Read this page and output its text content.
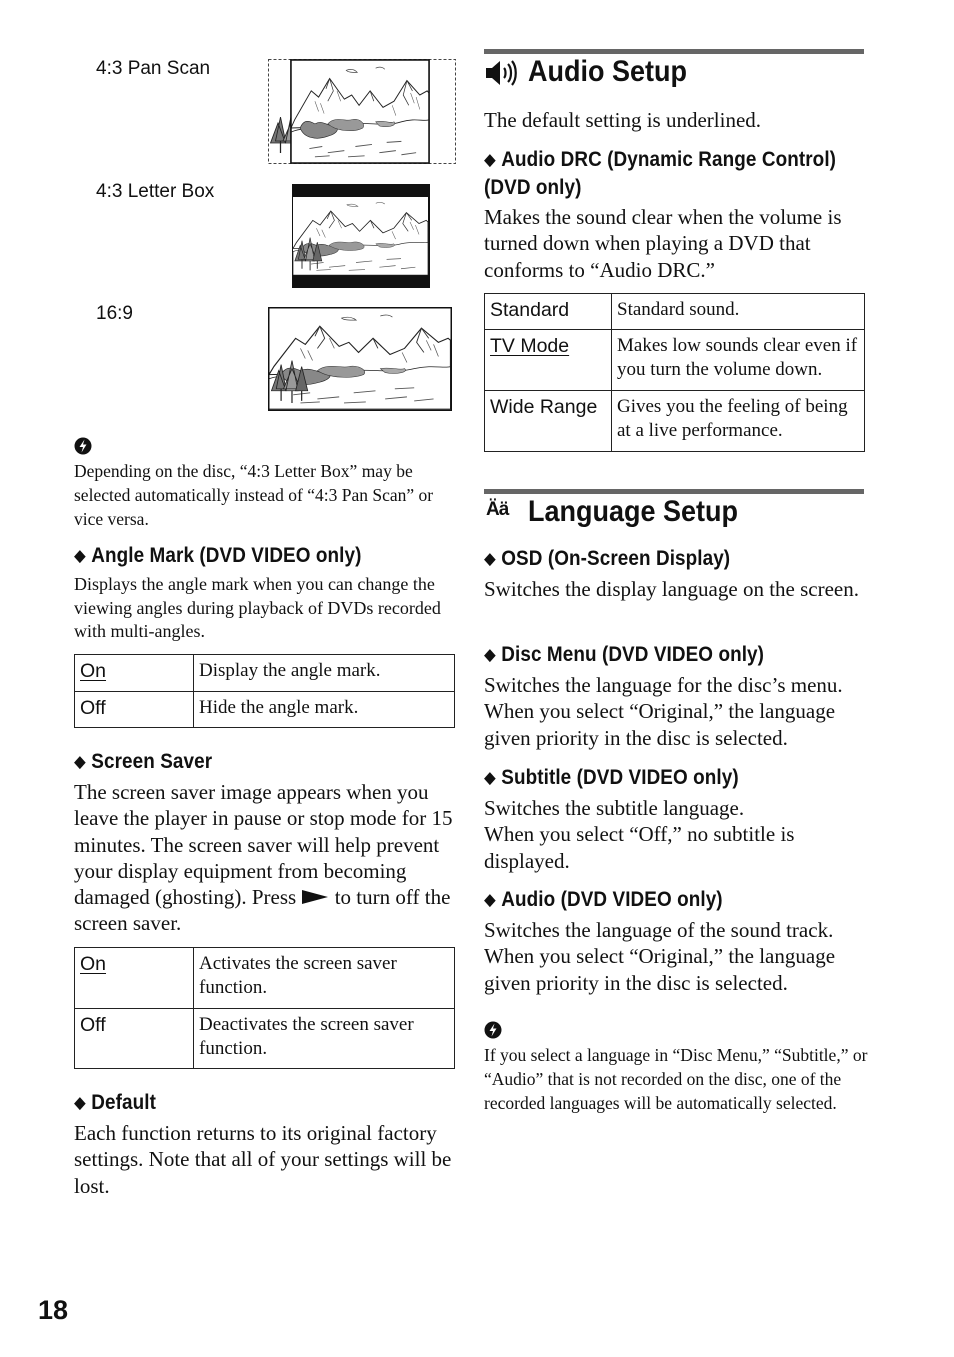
4:3 Pan Scan
4:3 Letter Box
16:9
Depending on the disc, “4:3 Letter Box” may be selected automatically instead of “4:3 Pan Scan” or vice versa.
◆ Angle Mark (DVD VIDEO only)
Displays the angle mark when you can change the viewing angles during playback of DVDs recorded with multi-angles.
On	Display the angle mark.
Off	Hide the angle mark.
◆ Screen Saver
The screen saver image appears when you leave the player in pause or stop mode for 15 minutes. The screen saver will help prevent your display equipment from becoming damaged (ghosting). Press to turn off the screen saver.
On	Activates the screen saver function.
Off	Deactivates the screen saver function.
◆ Default
Each function returns to its original factory settings. Note that all of your settings will be lost.
Audio Setup
The default setting is underlined.
◆ Audio DRC (Dynamic Range Control)
(DVD only)
Makes the sound clear when the volume is turned down when playing a DVD that conforms to “Audio DRC.”
Standard	Standard sound.
TV Mode	Makes low sounds clear even if you turn the volume down.
Wide Range	Gives you the feeling of being at a live performance.
Ää Language Setup
◆ OSD (On-Screen Display)
Switches the display language on the screen.
◆ Disc Menu (DVD VIDEO only)
Switches the language for the disc’s menu. When you select “Original,” the language given priority in the disc is selected.
◆ Subtitle (DVD VIDEO only)
Switches the subtitle language.
When you select “Off,” no subtitle is displayed.
◆ Audio (DVD VIDEO only)
Switches the language of the sound track. When you select “Original,” the language given priority in the disc is selected.
If you select a language in “Disc Menu,” “Subtitle,” or “Audio” that is not recorded on the disc, one of the recorded languages will be automatically selected.
18
